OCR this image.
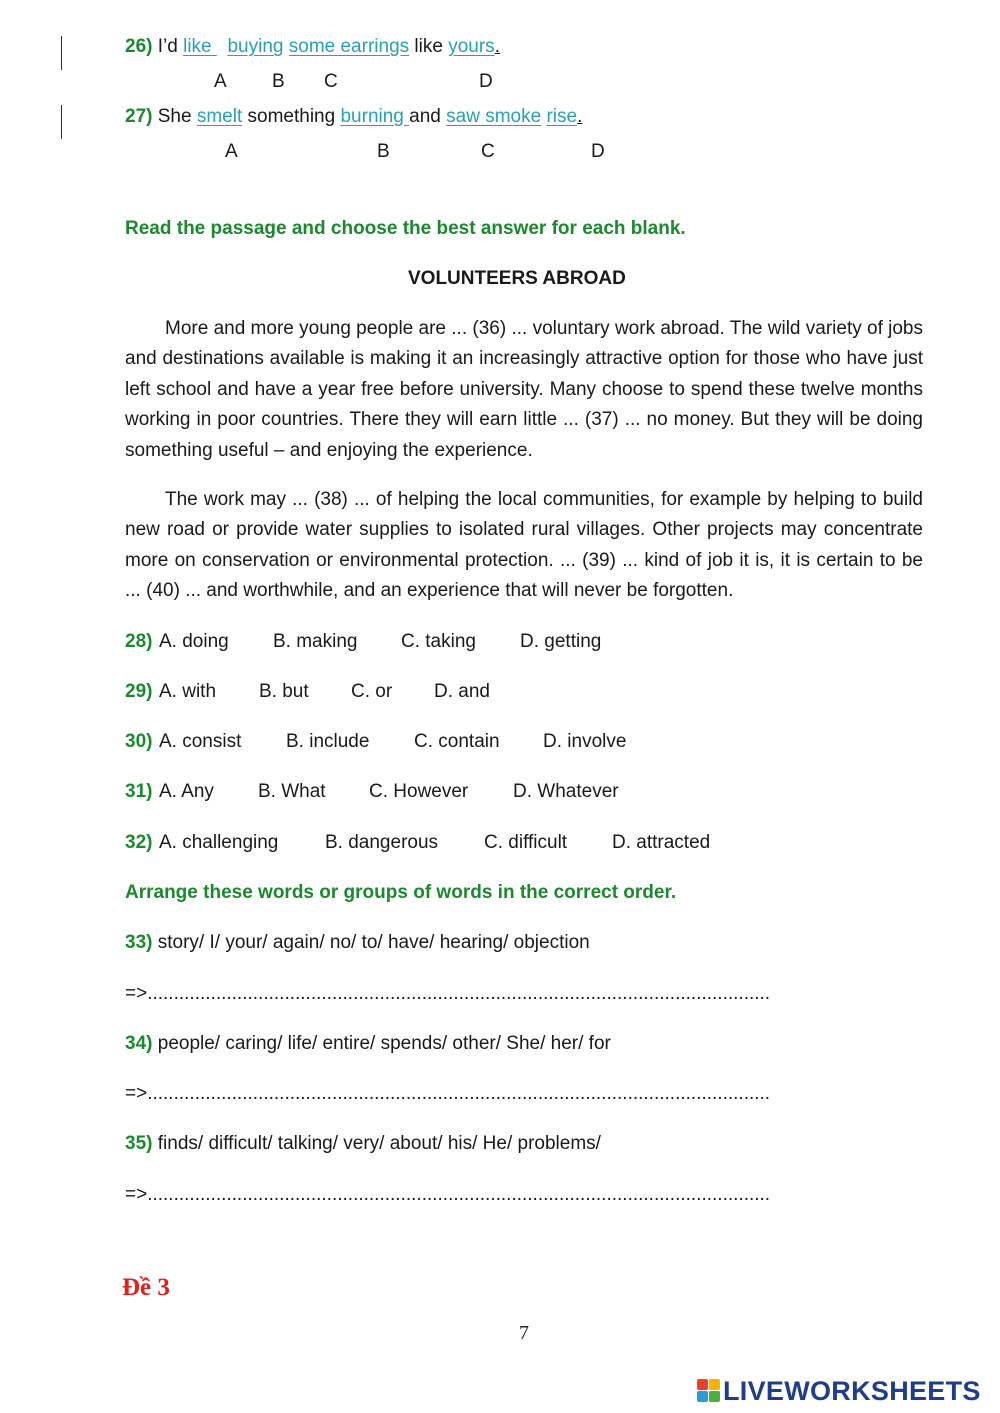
26) I’d like buying some earrings like yours.
A B C	D
27) She smelt something burning and saw smoke rise.
A	B	C	D
Read the passage and choose the best answer for each blank.
VOLUNTEERS ABROAD
More and more young people are ... (36) ... voluntary work abroad. The wild variety of jobs and destinations available is making it an increasingly attractive option for those who have just left school and have a year free before university. Many choose to spend these twelve months working in poor countries. There they will earn little ... (37) ... no money. But they will be doing something useful – and enjoying the experience.
The work may ... (38) ... of helping the local communities, for example by helping to build new road or provide water supplies to isolated rural villages. Other projects may concentrate more on conservation or environmental protection. ... (39) ... kind of job it is, it is certain to be ... (40) ... and worthwhile, and an experience that will never be forgotten.
28) A. doing B. making C. taking D. getting
29) A. with B. but C. or D. and
30) A. consist B. include C. contain D. involve
31) A. Any B. What C. However D. Whatever
32) A. challenging B. dangerous C. difficult D. attracted
Arrange these words or groups of words in the correct order.
33) story/ I/ your/ again/ no/ to/ have/ hearing/ objection
=>......................................................................................................................
34) people/ caring/ life/ entire/ spends/ other/ She/ her/ for
=>......................................................................................................................
35) finds/ difficult/ talking/ very/ about/ his/ He/ problems/
=>......................................................................................................................
Đề 3
7
LIVEWORKSHEETS
